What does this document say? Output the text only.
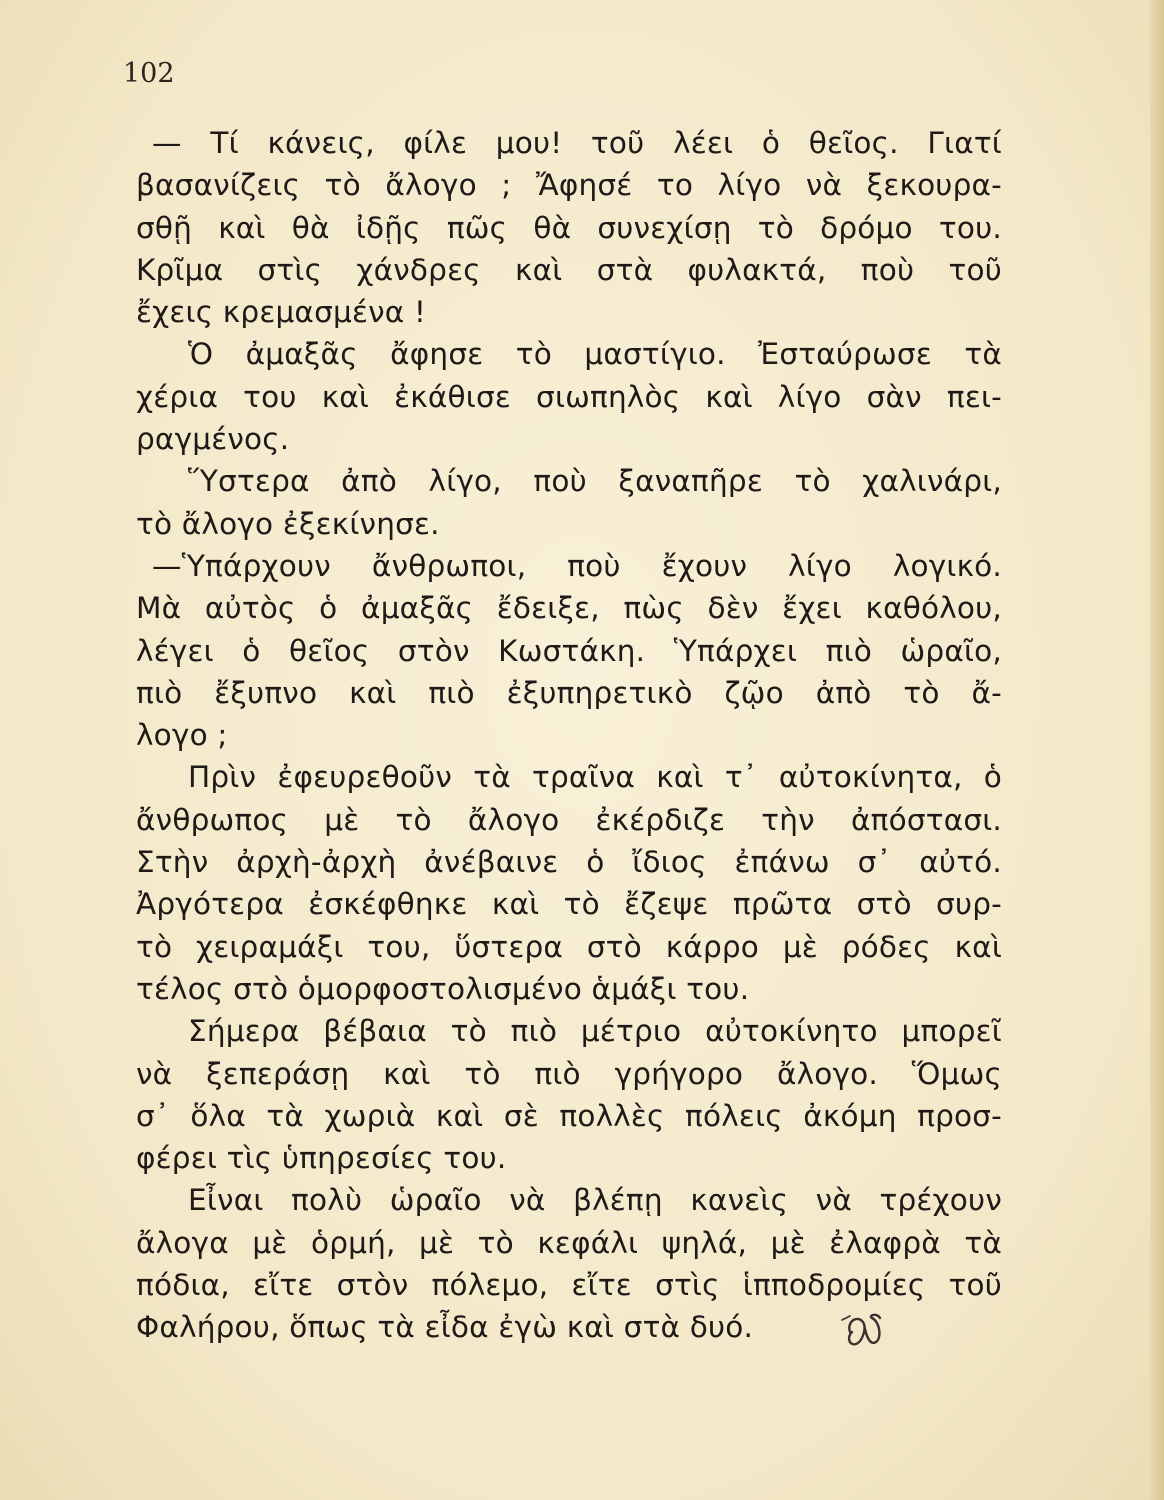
102
— Τί κάνεις, φίλε μου! τοῦ λέει ὁ θεῖος. Γιατί
βασανίζεις τὸ ἄλογο ; Ἄφησέ το λίγο νὰ ξεκουρα-
σθῇ καὶ θὰ ἰδῇς πῶς θὰ συνεχίσῃ τὸ δρόμο του.
Κρῖμα στὶς χάνδρες καὶ στὰ φυλακτά, ποὺ τοῦ
ἔχεις κρεμασμένα !
Ὁ ἀμαξᾶς ἄφησε τὸ μαστίγιο. Ἐσταύρωσε τὰ
χέρια του καὶ ἐκάθισε σιωπηλὸς καὶ λίγο σὰν πει-
ραγμένος.
Ὕστερα ἀπὸ λίγο, ποὺ ξαναπῆρε τὸ χαλινάρι,
τὸ ἄλογο ἐξεκίνησε.
—Ὑπάρχουν ἄνθρωποι, ποὺ ἔχουν λίγο λογικό.
Μὰ αὐτὸς ὁ ἀμαξᾶς ἔδειξε, πὼς δὲν ἔχει καθόλου,
λέγει ὁ θεῖος στὸν Κωστάκη. Ὑπάρχει πιὸ ὡραῖο,
πιὸ ἔξυπνο καὶ πιὸ ἐξυπηρετικὸ ζῷο ἀπὸ τὸ ἄ-
λογο ;
Πρὶν ἐφευρεθοῦν τὰ τραῖνα καὶ τ᾿ αὐτοκίνητα, ὁ
ἄνθρωπος μὲ τὸ ἄλογο ἐκέρδιζε τὴν ἀπόστασι.
Στὴν ἀρχὴ-ἀρχὴ ἀνέβαινε ὁ ἴδιος ἐπάνω σ᾿ αὐτό.
Ἀργότερα ἐσκέφθηκε καὶ τὸ ἔζεψε πρῶτα στὸ συρ-
τὸ χειραμάξι του, ὕστερα στὸ κάρρο μὲ ρόδες καὶ
τέλος στὸ ὁμορφοστολισμένο ἁμάξι του.
Σήμερα βέβαια τὸ πιὸ μέτριο αὐτοκίνητο μπορεῖ
νὰ ξεπεράσῃ καὶ τὸ πιὸ γρήγορο ἄλογο. Ὅμως
σ᾿ ὅλα τὰ χωριὰ καὶ σὲ πολλὲς πόλεις ἀκόμη προσ-
φέρει τὶς ὑπηρεσίες του.
Εἶναι πολὺ ὡραῖο νὰ βλέπῃ κανεὶς νὰ τρέχουν
ἄλογα μὲ ὁρμή, μὲ τὸ κεφάλι ψηλά, μὲ ἐλαφρὰ τὰ
πόδια, εἴτε στὸν πόλεμο, εἴτε στὶς ἱπποδρομίες τοῦ
Φαλήρου, ὅπως τὰ εἶδα ἐγὼ καὶ στὰ δυό.
